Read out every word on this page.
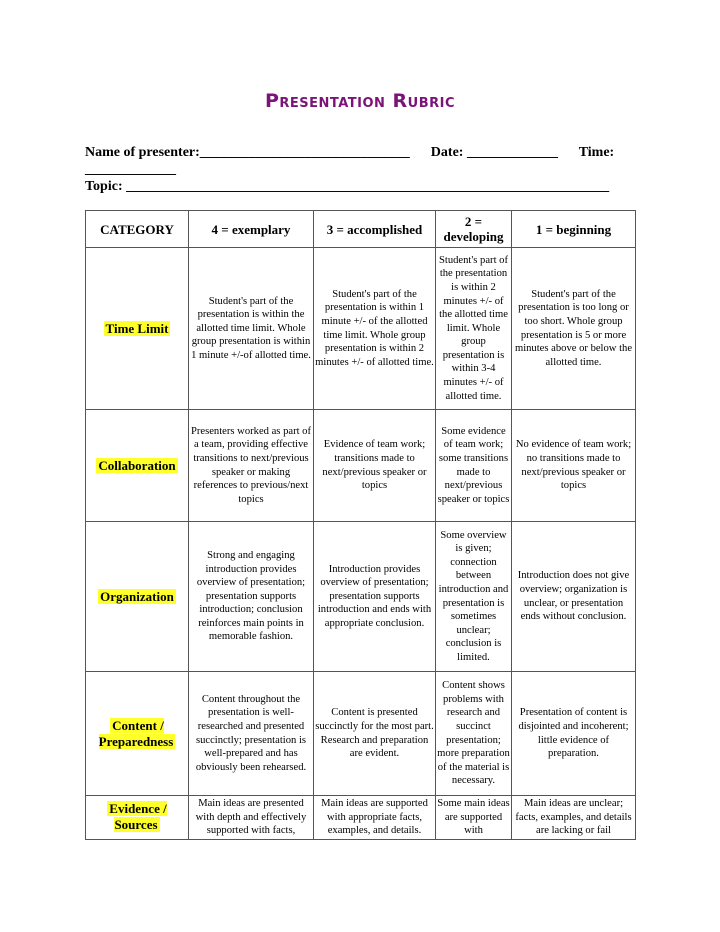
Presentation Rubric
Name of presenter:______________________________      Date: _____________      Time:
_____________
Topic: _____________________________________________________________________
CATEGORY	4 = exemplary	3 = accomplished	2 = developing	1 = beginning
Time Limit	Student's part of the presentation is within the allotted time limit. Whole group presentation is within 1 minute +/-of allotted time.	Student's part of the presentation is within 1 minute +/- of the allotted time limit. Whole group presentation is within 2 minutes +/- of allotted time.	Student's part of the presentation is within 2 minutes +/- of the allotted time limit. Whole group presentation is within 3-4 minutes +/- of allotted time.	Student's part of the presentation is too long or too short. Whole group presentation is 5 or more minutes above or below the allotted time.
Collaboration	Presenters worked as part of a team, providing effective transitions to next/previous speaker or making references to previous/next topics	Evidence of team work; transitions made to next/previous speaker or topics	Some evidence of team work; some transitions made to next/previous speaker or topics	No evidence of team work; no transitions made to next/previous speaker or topics
Organization	Strong and engaging introduction provides overview of presentation; presentation supports introduction; conclusion reinforces main points in memorable fashion.	Introduction provides overview of presentation; presentation supports introduction and ends with appropriate conclusion.	Some overview is given; connection between introduction and presentation is sometimes unclear; conclusion is limited.	Introduction does not give overview; organization is unclear, or presentation ends without conclusion.
Content / Preparedness	Content throughout the presentation is well-researched and presented succinctly; presentation is well-prepared and has obviously been rehearsed.	Content is presented succinctly for the most part. Research and preparation are evident.	Content shows problems with research and succinct presentation; more preparation of the material is necessary.	Presentation of content is disjointed and incoherent; little evidence of preparation.
Evidence / Sources	Main ideas are presented with depth and effectively supported with facts,	Main ideas are supported with appropriate facts, examples, and details.	Some main ideas are supported with	Main ideas are unclear; facts, examples, and details are lacking or fail
